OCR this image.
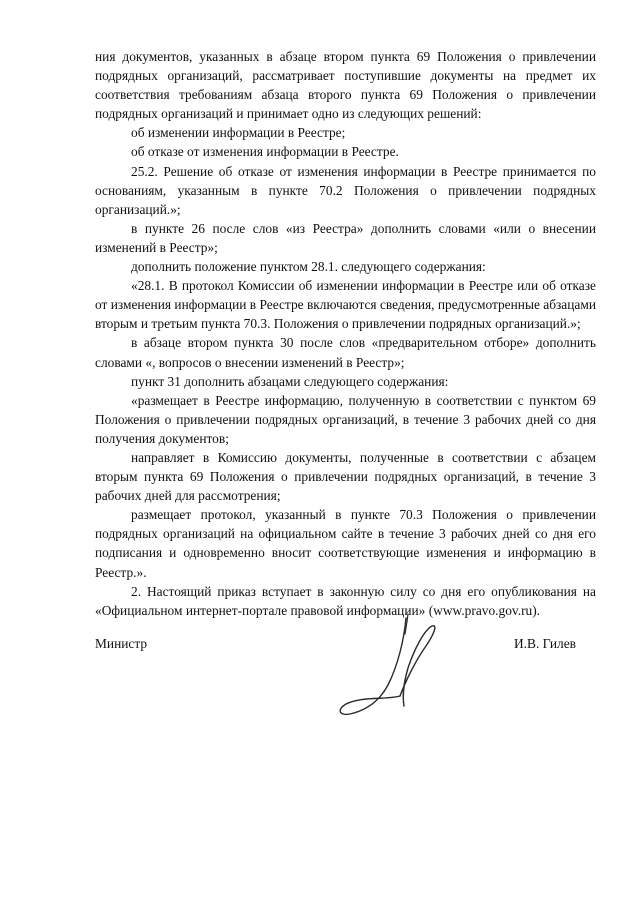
ния документов, указанных в абзаце втором пункта 69 Положения о привлечении подрядных организаций, рассматривает поступившие документы на предмет их соответствия требованиям абзаца второго пункта 69 Положения о привлечении подрядных организаций и принимает одно из следующих решений:

об изменении информации в Реестре;

об отказе от изменения информации в Реестре.

25.2. Решение об отказе от изменения информации в Реестре принимается по основаниям, указанным в пункте 70.2 Положения о привлечении подрядных организаций.»;

в пункте 26 после слов «из Реестра» дополнить словами «или о внесении изменений в Реестр»;

дополнить положение пунктом 28.1. следующего содержания:

«28.1. В протокол Комиссии об изменении информации в Реестре или об отказе от изменения информации в Реестре включаются сведения, предусмотренные абзацами вторым и третьим пункта 70.3. Положения о привлечении подрядных организаций.»;

в абзаце втором пункта 30 после слов «предварительном отборе» дополнить словами «, вопросов о внесении изменений в Реестр»;

пункт 31 дополнить абзацами следующего содержания:

«размещает в Реестре информацию, полученную в соответствии с пунктом 69 Положения о привлечении подрядных организаций, в течение 3 рабочих дней со дня получения документов;

направляет в Комиссию документы, полученные в соответствии с абзацем вторым пункта 69 Положения о привлечении подрядных организаций, в течение 3 рабочих дней для рассмотрения;

размещает протокол, указанный в пункте 70.3 Положения о привлечении подрядных организаций на официальном сайте в течение 3 рабочих дней со дня его подписания и одновременно вносит соответствующие изменения и информацию в Реестр.».

2. Настоящий приказ вступает в законную силу со дня его опубликования на «Официальном интернет-портале правовой информации» (www.pravo.gov.ru).

Министр	И.В. Гилев
